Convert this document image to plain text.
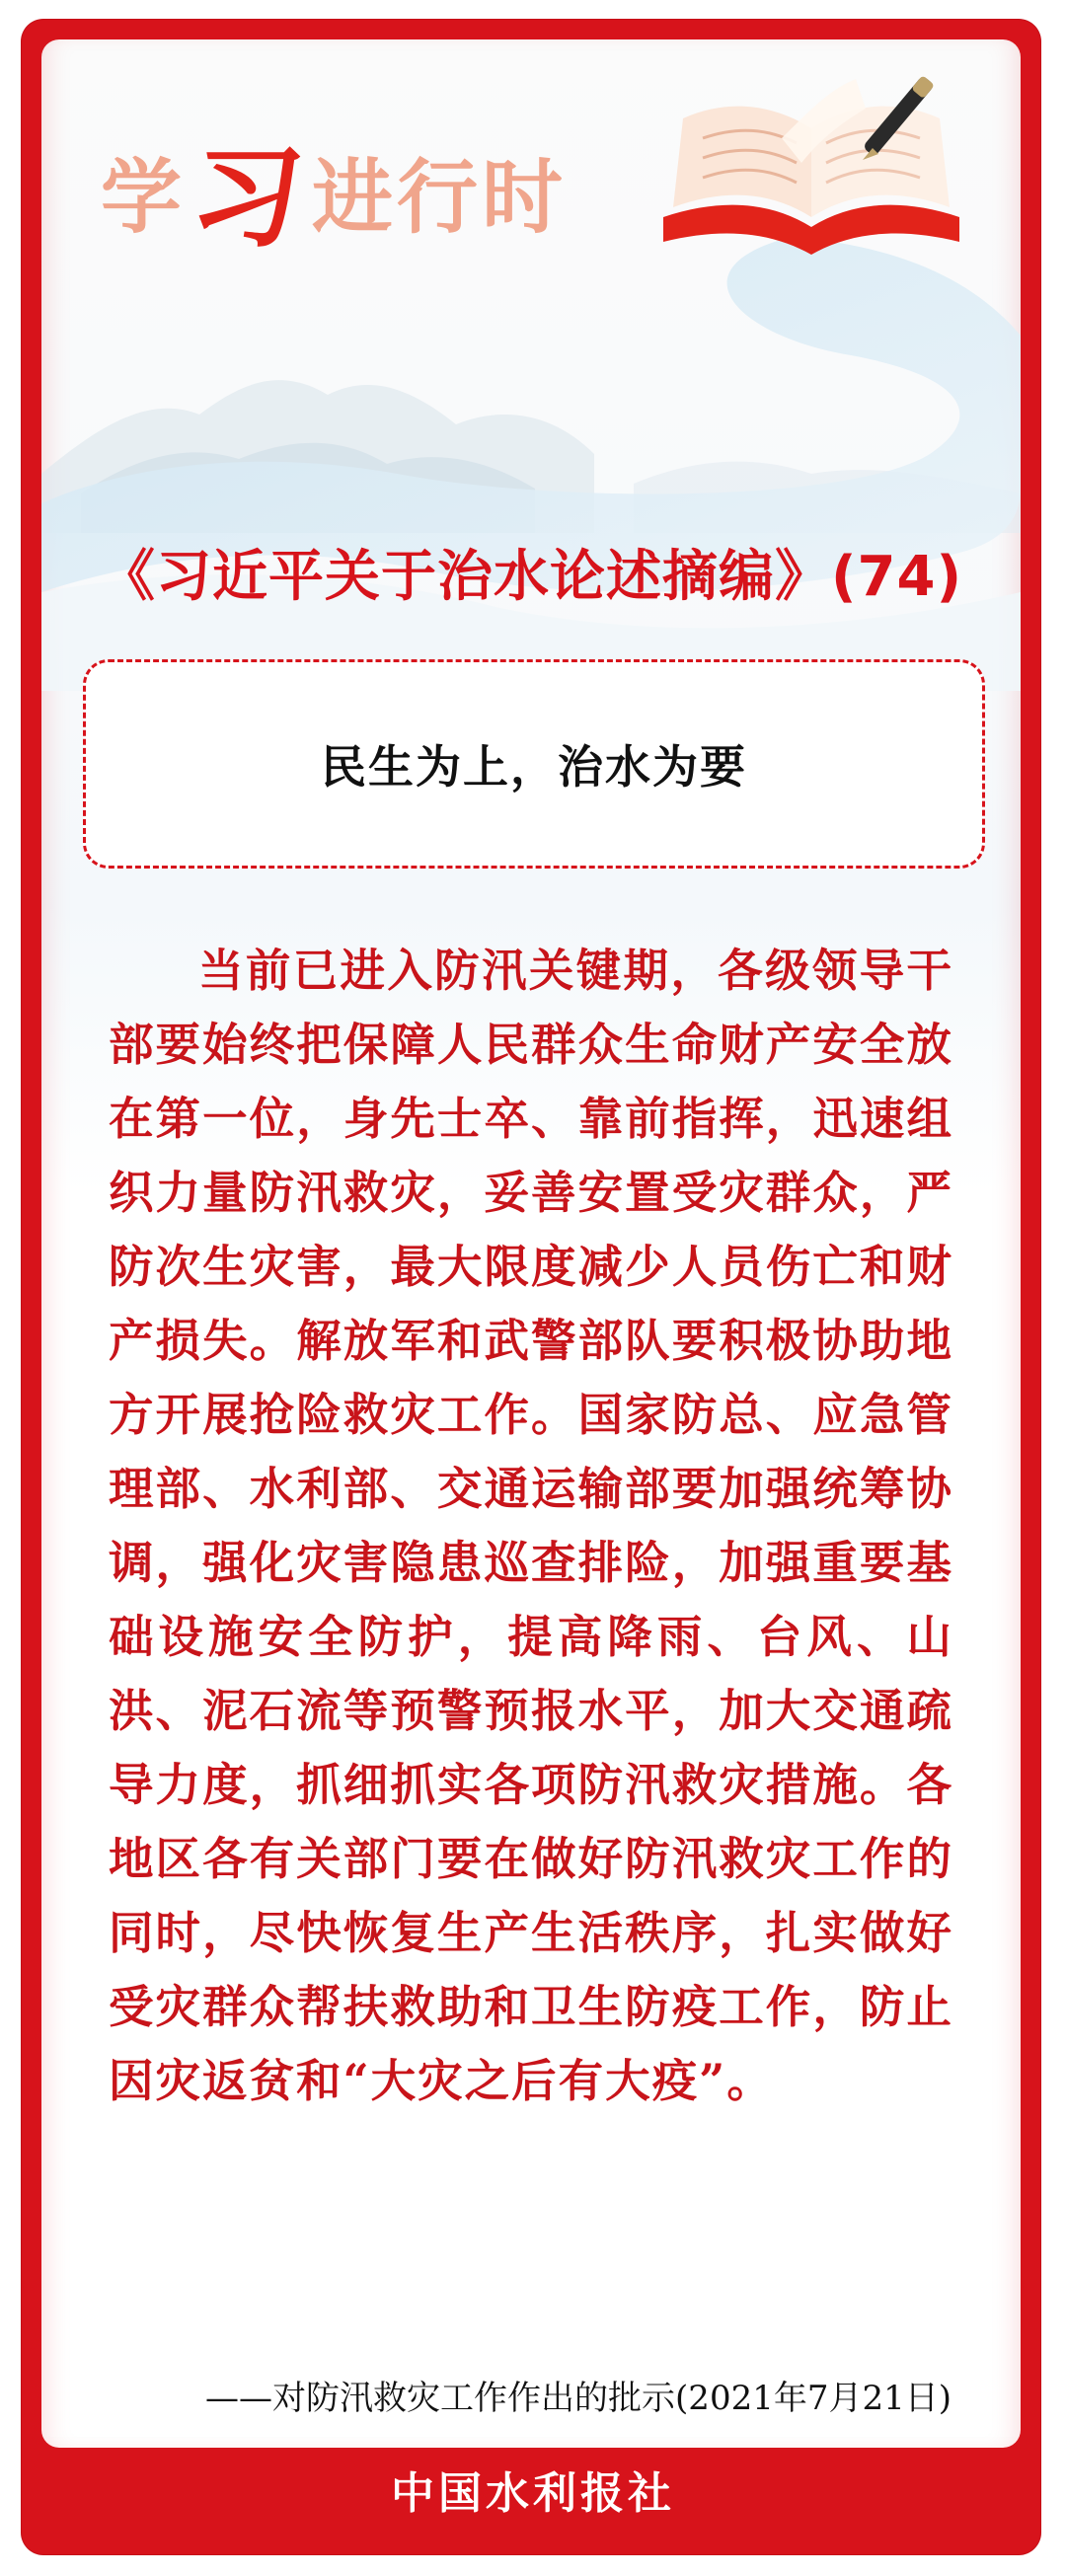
学 习 进 行 时
《习近平关于治水论述摘编》(74)
民生为上，治水为要

当前已进入防汛关键期，各级领导干部要始终把保障人民群众生命财产安全放在第一位，身先士卒、靠前指挥，迅速组织力量防汛救灾，妥善安置受灾群众，严防次生灾害，最大限度减少人员伤亡和财产损失。解放军和武警部队要积极协助地方开展抢险救灾工作。国家防总、应急管理部、水利部、交通运输部要加强统筹协调，强化灾害隐患巡查排险，加强重要基础设施安全防护，提高降雨、台风、山洪、泥石流等预警预报水平，加大交通疏导力度，抓细抓实各项防汛救灾措施。各地区各有关部门要在做好防汛救灾工作的同时，尽快恢复生产生活秩序，扎实做好受灾群众帮扶救助和卫生防疫工作，防止因灾返贫和“大灾之后有大疫”。

——对防汛救灾工作作出的批示(2021年7月21日)
中国水利报社
